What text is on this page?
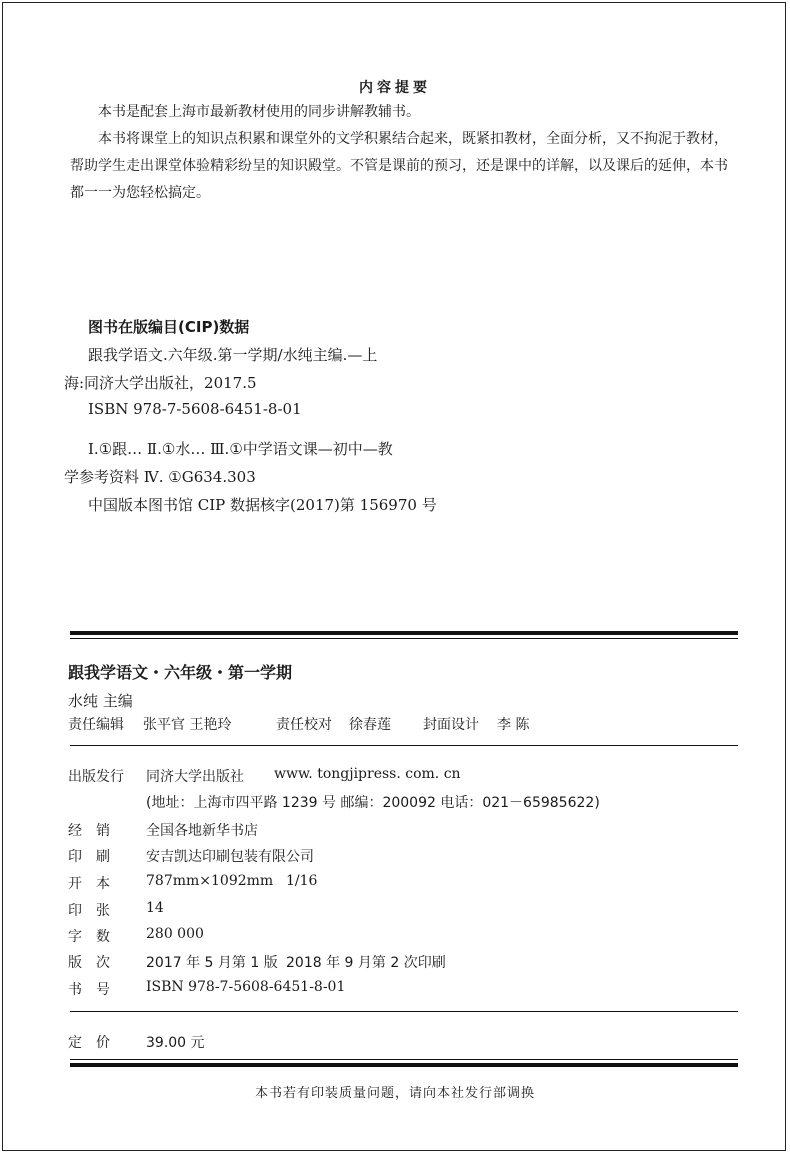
内容提要
本书是配套上海市最新教材使用的同步讲解教辅书。
本书将课堂上的知识点积累和课堂外的文学积累结合起来，既紧扣教材，全面分析，又不拘泥于教材，
帮助学生走出课堂体验精彩纷呈的知识殿堂。不管是课前的预习，还是课中的详解，以及课后的延伸，本书
都一一为您轻松搞定。
图书在版编目(CIP)数据
跟我学语文.六年级.第一学期/水纯主编.—上
海:同济大学出版社，2017.5
ISBN 978-7-5608-6451-8-01
Ⅰ.①跟… Ⅱ.①水… Ⅲ.①中学语文课—初中—教
学参考资料 Ⅳ. ①G634.303
中国版本图书馆 CIP 数据核字(2017)第 156970 号
跟我学语文・六年级・第一学期
水纯 主编
责任编辑 张平官 王艳玲	责任校对 徐春莲 封面设计 李 陈
出版发行 同济大学出版社 www. tongjipress. com. cn
(地址：上海市四平路 1239 号 邮编：200092 电话：021－65985622)
经 销	全国各地新华书店
印 刷	安吉凯达印刷包装有限公司
开 本	787mm×1092mm 1/16
印 张	14
字 数	280 000
版 次	2017 年 5 月第 1 版 2018 年 9 月第 2 次印刷
书 号	ISBN 978-7-5608-6451-8-01
定 价	39.00 元
本书若有印装质量问题，请向本社发行部调换
